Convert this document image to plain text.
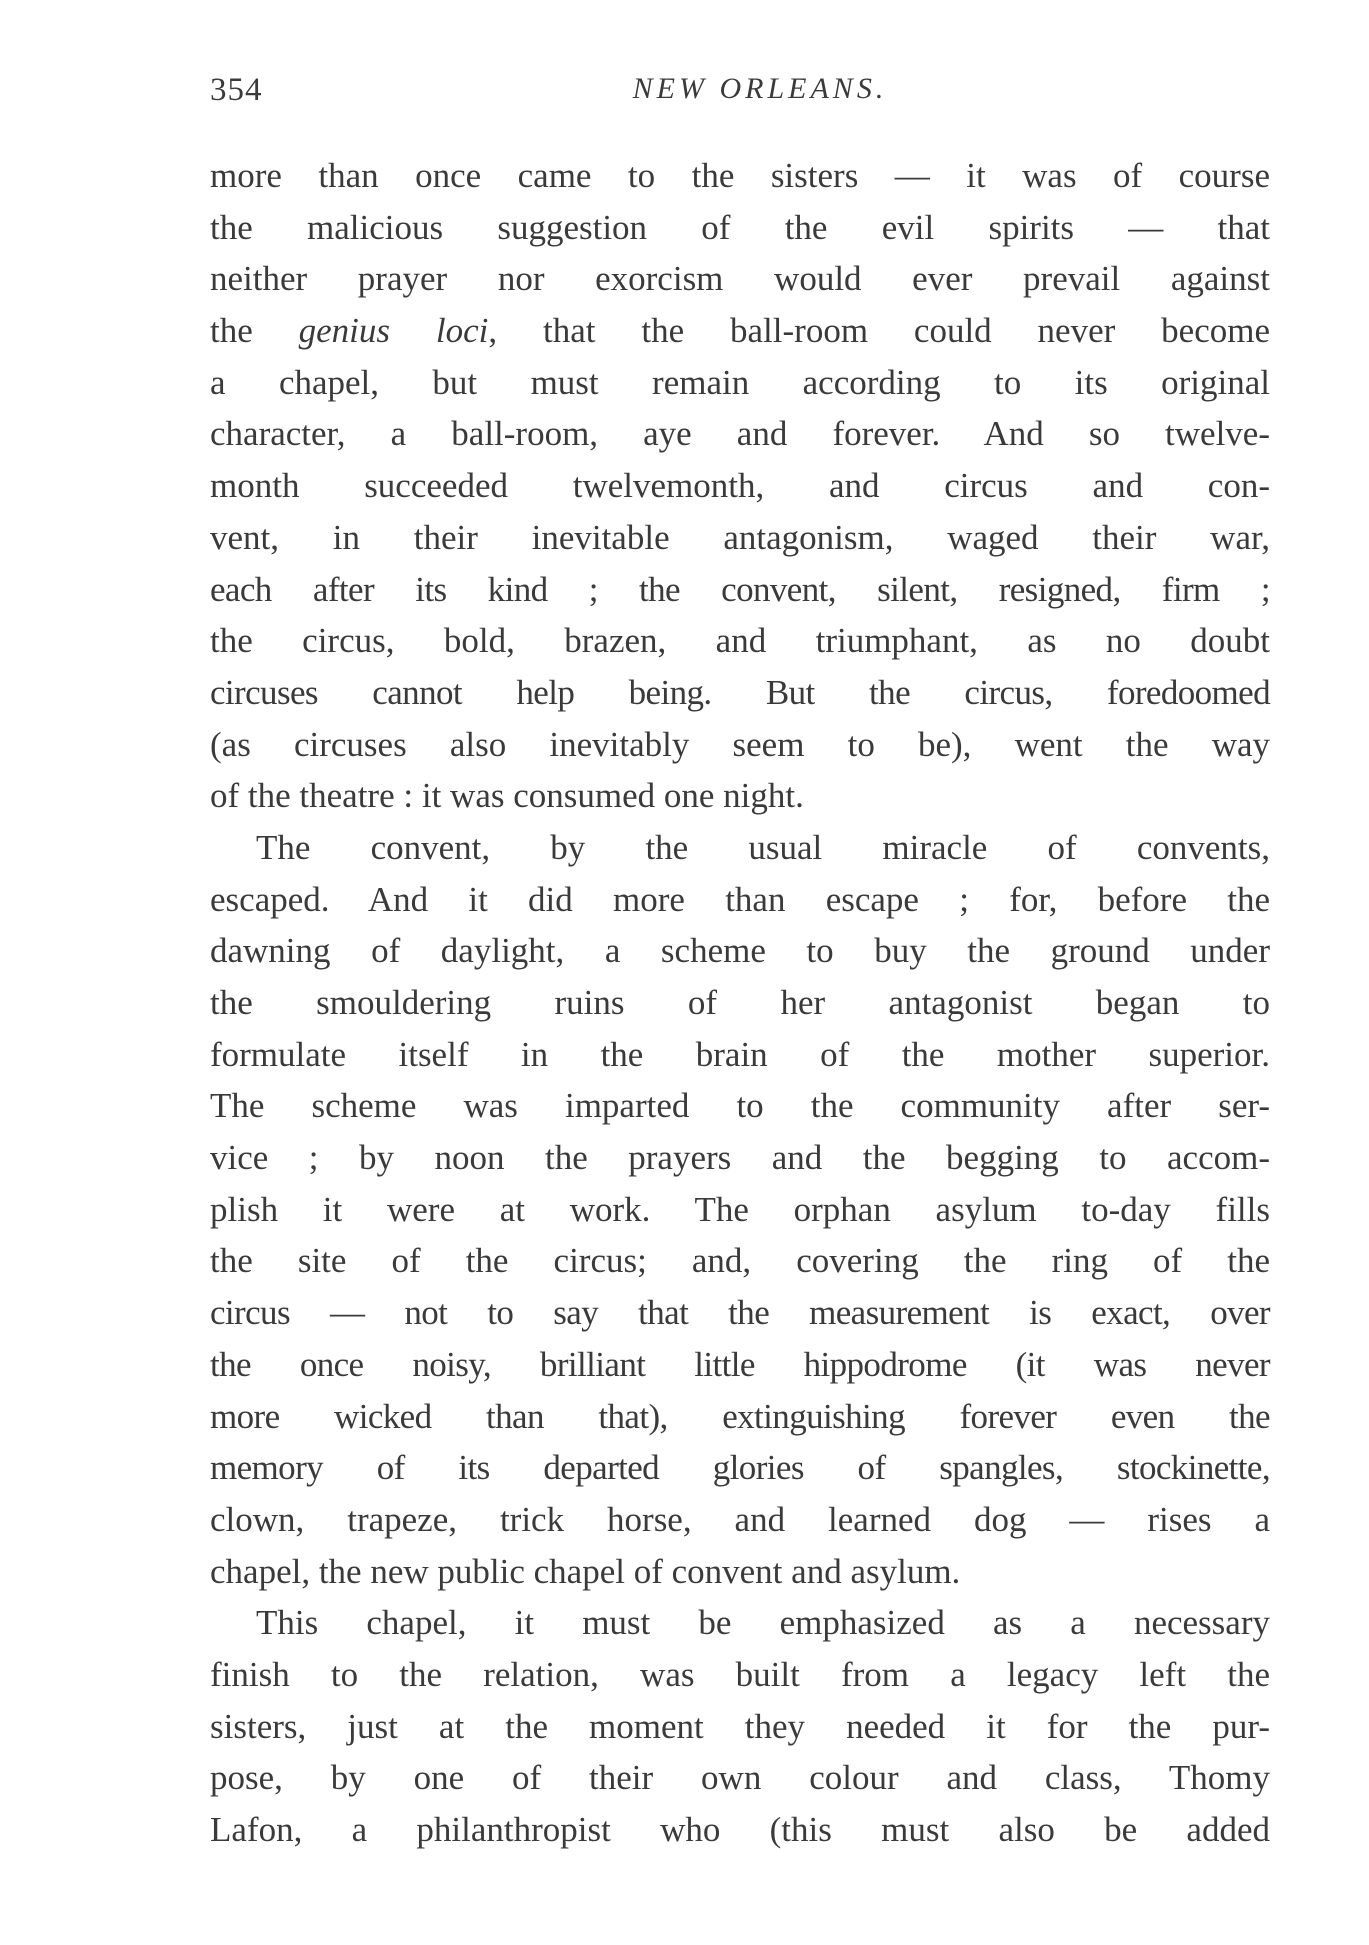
354	NEW ORLEANS.
more than once came to the sisters — it was of course
the malicious suggestion of the evil spirits — that
neither prayer nor exorcism would ever prevail against
the genius loci, that the ball-room could never become
a chapel, but must remain according to its original
character, a ball-room, aye and forever. And so twelve-
month succeeded twelvemonth, and circus and con-
vent, in their inevitable antagonism, waged their war,
each after its kind ; the convent, silent, resigned, firm ;
the circus, bold, brazen, and triumphant, as no doubt
circuses cannot help being. But the circus, foredoomed
(as circuses also inevitably seem to be), went the way
of the theatre : it was consumed one night.
The convent, by the usual miracle of convents,
escaped. And it did more than escape ; for, before the
dawning of daylight, a scheme to buy the ground under
the smouldering ruins of her antagonist began to
formulate itself in the brain of the mother superior.
The scheme was imparted to the community after ser-
vice ; by noon the prayers and the begging to accom-
plish it were at work. The orphan asylum to-day fills
the site of the circus; and, covering the ring of the
circus — not to say that the measurement is exact, over
the once noisy, brilliant little hippodrome (it was never
more wicked than that), extinguishing forever even the
memory of its departed glories of spangles, stockinette,
clown, trapeze, trick horse, and learned dog — rises a
chapel, the new public chapel of convent and asylum.
This chapel, it must be emphasized as a necessary
finish to the relation, was built from a legacy left the
sisters, just at the moment they needed it for the pur-
pose, by one of their own colour and class, Thomy
Lafon, a philanthropist who (this must also be added
